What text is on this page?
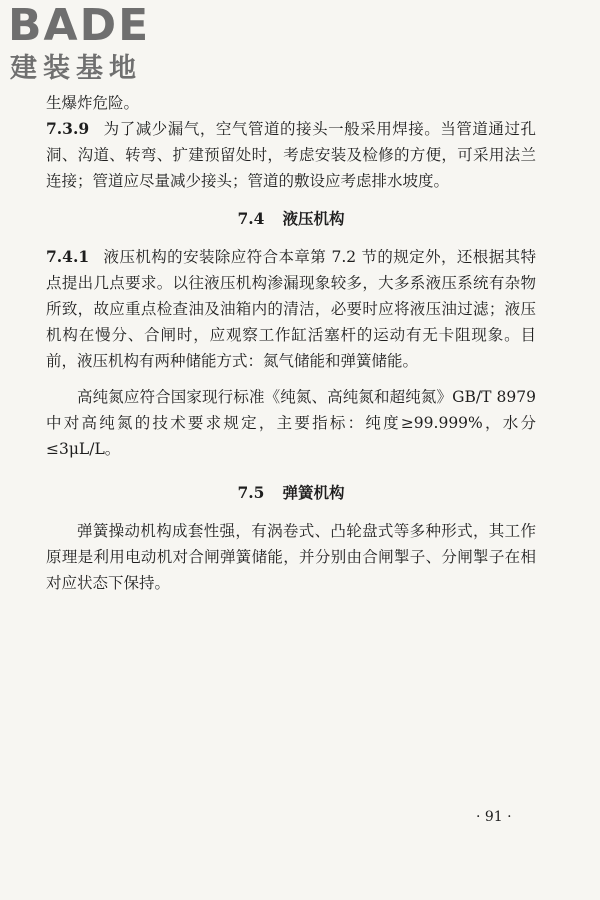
BADE
建装基地

生爆炸危险。

7.3.9 为了减少漏气，空气管道的接头一般采用焊接。当管道通过孔洞、沟道、转弯、扩建预留处时，考虑安装及检修的方便，可采用法兰连接；管道应尽量减少接头；管道的敷设应考虑排水坡度。

7.4 液压机构

7.4.1 液压机构的安装除应符合本章第 7.2 节的规定外，还根据其特点提出几点要求。以往液压机构渗漏现象较多，大多系液压系统有杂物所致，故应重点检查油及油箱内的清洁，必要时应将液压油过滤；液压机构在慢分、合闸时，应观察工作缸活塞杆的运动有无卡阻现象。目前，液压机构有两种储能方式：氮气储能和弹簧储能。

高纯氮应符合国家现行标准《纯氮、高纯氮和超纯氮》GB/T 8979 中对高纯氮的技术要求规定，主要指标：纯度≥99.999%，水分≤3μL/L。

7.5 弹簧机构

弹簧操动机构成套性强，有涡卷式、凸轮盘式等多种形式，其工作原理是利用电动机对合闸弹簧储能，并分别由合闸掣子、分闸掣子在相对应状态下保持。

· 91 ·
